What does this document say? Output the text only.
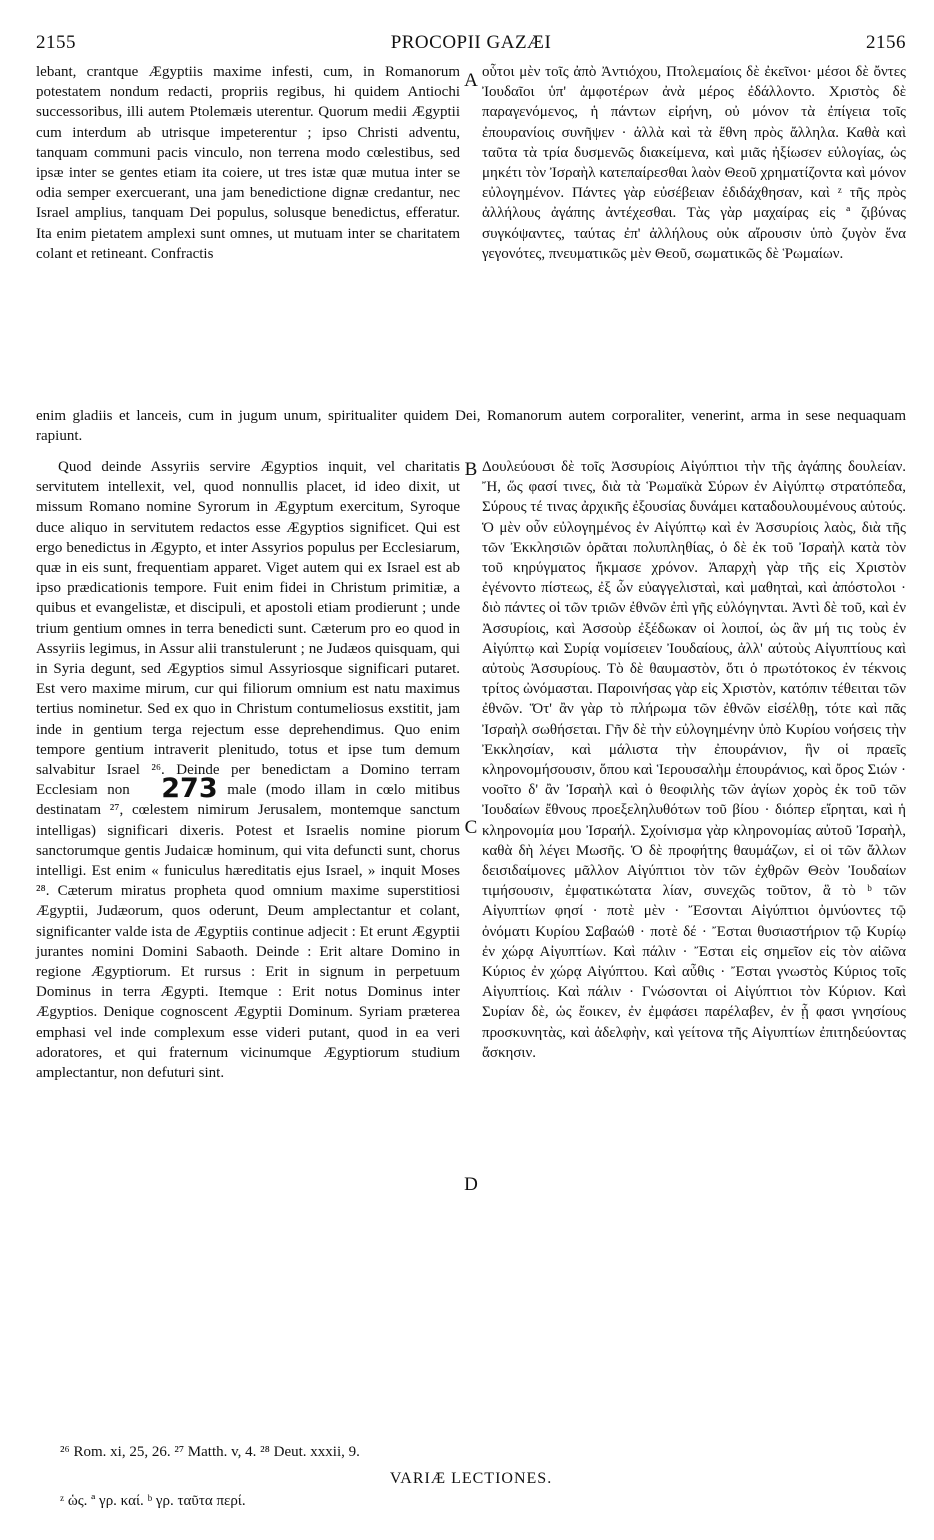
2155	PROCOPII GAZÆI	2156
A
B
C
D

lebant, crantque Ægyptiis maxime infesti, cum, in Romanorum potestatem nondum redacti, propriis regibus, hi quidem Antiochi successoribus, illi autem Ptolemæis uterentur. Quorum medii Ægyptii cum interdum ab utrisque impeterentur ; ipso Christi adventu, tanquam communi pacis vinculo, non terrena modo cœlestibus, sed ipsæ inter se gentes etiam ita coiere, ut tres istæ quæ mutua inter se odia semper exercuerant, una jam benedictione dignæ credantur, nec Israel amplius, tanquam Dei populus, solusque benedictus, efferatur. Ita enim pietatem amplexi sunt omnes, ut mutuam inter se charitatem colant et retineant. Confractis

οὗτοι μὲν τοῖς ἀπὸ Ἀντιόχου, Πτολεμαίοις δὲ ἐκεῖνοι· μέσοι δὲ ὄντες Ἰουδαῖοι ὑπ' ἀμφοτέρων ἀνὰ μέρος ἐδάλλοντο. Χριστὸς δὲ παραγενόμενος, ἡ πάντων εἰρήνη, οὐ μόνον τὰ ἐπίγεια τοῖς ἐπουρανίοις συνῆψεν · ἀλλὰ καὶ τὰ ἔθνη πρὸς ἄλληλα. Καθὰ καὶ ταῦτα τὰ τρία δυσμενῶς διακείμενα, καὶ μιᾶς ἠξίωσεν εὐλογίας, ὡς μηκέτι τὸν Ἰσραὴλ κατεπαίρεσθαι λαὸν Θεοῦ χρηματίζοντα καὶ μόνον εὐλογημένον. Πάντες γὰρ εὐσέβειαν ἐδιδάχθησαν, καὶ ᶻ τῆς πρὸς ἀλλήλους ἀγάπης ἀντέχεσθαι. Τὰς γὰρ μαχαίρας εἰς ª ζιβύνας συγκόψαντες, ταύτας ἐπ' ἀλλήλους οὐκ αἴρουσιν ὑπὸ ζυγὸν ἕνα γεγονότες, πνευματικῶς μὲν Θεοῦ, σωματικῶς δὲ Ῥωμαίων.

enim gladiis et lanceis, cum in jugum unum, spiritualiter quidem Dei, Romanorum autem corporaliter, venerint, arma in sese nequaquam rapiunt.

Quod deinde Assyriis servire Ægyptios inquit, vel charitatis servitutem intellexit, vel, quod nonnullis placet, id ideo dixit, ut missum Romano nomine Syrorum in Ægyptum exercitum, Syroque duce aliquo in servitutem redactos esse Ægyptios significet. Qui est ergo benedictus in Ægypto, et inter Assyrios populus per Ecclesiarum, quæ in eis sunt, frequentiam apparet. Viget autem qui ex Israel est ab ipso prædicationis tempore. Fuit enim fidei in Christum primitiæ, a quibus et evangelistæ, et discipuli, et apostoli etiam prodierunt ; unde trium gentium omnes in terra benedicti sunt. Cæterum pro eo quod in Assyriis legimus, in Assur alii transtulerunt ; ne Judæos quisquam, qui in Syria degunt, sed Ægyptios simul Assyriosque significari putaret. Est vero maxime mirum, cur qui filiorum omnium est natu maximus tertius nominetur. Sed ex quo in Christum contumeliosus exstitit, jam inde in gentium terga rejectum esse deprehendimus. Quo enim tempore gentium intraverit plenitudo, totus et ipse tum demum salvabitur Israel ²⁶. Deinde per benedictam a Domino terram Ecclesiam non 273 male (modo illam in cœlo mitibus destinatam ²⁷, cœlestem nimirum Jerusalem, montemque sanctum intelligas) significari dixeris. Potest et Israelis nomine piorum sanctorumque gentis Judaicæ hominum, qui vita defuncti sunt, chorus intelligi. Est enim « funiculus hæreditatis ejus Israel, » inquit Moses ²⁸. Cæterum miratus propheta quod omnium maxime superstitiosi Ægyptii, Judæorum, quos oderunt, Deum amplectantur et colant, significanter valde ista de Ægyptiis continue adjecit : Et erunt Ægyptii jurantes nomini Domini Sabaoth. Deinde : Erit altare Domino in regione Ægyptiorum. Et rursus : Erit in signum in perpetuum Dominus in terra Ægypti. Itemque : Erit notus Dominus inter Ægyptios. Denique cognoscent Ægyptii Dominum. Syriam præterea emphasi vel inde complexum esse videri putant, quod in ea veri adoratores, et qui fraternum vicinumque Ægyptiorum studium amplectantur, non defuturi sint.

Δουλεύουσι δὲ τοῖς Ἀσσυρίοις Αἰγύπτιοι τὴν τῆς ἀγάπης δουλείαν. Ἤ, ὥς φασί τινες, διὰ τὰ Ῥωμαϊκὰ Σύρων ἐν Αἰγύπτῳ στρατόπεδα, Σύρους τέ τινας ἀρχικῆς ἐξουσίας δυνάμει καταδουλουμένους αὐτούς. Ὁ μὲν οὖν εὐλογημένος ἐν Αἰγύπτῳ καὶ ἐν Ἀσσυρίοις λαὸς, διὰ τῆς τῶν Ἐκκλησιῶν ὁρᾶται πολυπληθίας, ὁ δὲ ἐκ τοῦ Ἰσραὴλ κατὰ τὸν τοῦ κηρύγματος ἤκμασε χρόνον. Ἀπαρχὴ γὰρ τῆς εἰς Χριστὸν ἐγένοντο πίστεως, ἐξ ὧν εὐαγγελισταὶ, καὶ μαθηταὶ, καὶ ἀπόστολοι · διὸ πάντες οἱ τῶν τριῶν ἐθνῶν ἐπὶ γῆς εὐλόγηνται. Ἀντὶ δὲ τοῦ, καὶ ἐν Ἀσσυρίοις, καὶ Ἀσσοὺρ ἐξέδωκαν οἱ λοιποί, ὡς ἂν μή τις τοὺς ἐν Αἰγύπτῳ καὶ Συρίᾳ νομίσειεν Ἰουδαίους, ἀλλ' αὐτοὺς Αἰγυπτίους καὶ αὐτοὺς Ἀσσυρίους. Τὸ δὲ θαυμαστὸν, ὅτι ὁ πρωτότοκος ἐν τέκνοις τρίτος ὠνόμασται. Παροινήσας γὰρ εἰς Χριστὸν, κατόπιν τέθειται τῶν ἐθνῶν. Ὅτ' ἂν γὰρ τὸ πλήρωμα τῶν ἐθνῶν εἰσέλθῃ, τότε καὶ πᾶς Ἰσραὴλ σωθήσεται. Γῆν δὲ τὴν εὐλογημένην ὑπὸ Κυρίου νοήσεις τὴν Ἐκκλησίαν, καὶ μάλιστα τὴν ἐπουράνιον, ἣν οἱ πραεῖς κληρονομήσουσιν, ὅπου καὶ Ἱερουσαλὴμ ἐπουράνιος, καὶ ὄρος Σιών · νοοῖτο δ' ἂν Ἰσραὴλ καὶ ὁ θεοφιλὴς τῶν ἁγίων χορὸς ἐκ τοῦ τῶν Ἰουδαίων ἔθνους προεξεληλυθότων τοῦ βίου · διόπερ εἴρηται, καὶ ἡ κληρονομία μου Ἰσραήλ. Σχοίνισμα γὰρ κληρονομίας αὐτοῦ Ἰσραὴλ, καθὰ δὴ λέγει Μωσῆς. Ὁ δὲ προφήτης θαυμάζων, εἰ οἱ τῶν ἄλλων δεισιδαίμονες μᾶλλον Αἰγύπτιοι τὸν τῶν ἐχθρῶν Θεὸν Ἰουδαίων τιμήσουσιν, ἐμφατικώτατα λίαν, συνεχῶς τοῦτον, ἃ τὸ ᵇ τῶν Αἰγυπτίων φησί · ποτὲ μὲν · Ἔσονται Αἰγύπτιοι ὀμνύοντες τῷ ὀνόματι Κυρίου Σαβαώθ · ποτὲ δέ · Ἔσται θυσιαστήριον τῷ Κυρίῳ ἐν χώρᾳ Αἰγυπτίων. Καὶ πάλιν · Ἔσται εἰς σημεῖον εἰς τὸν αἰῶνα Κύριος ἐν χώρᾳ Αἰγύπτου. Καὶ αὖθις · Ἔσται γνωστὸς Κύριος τοῖς Αἰγυπτίοις. Καὶ πάλιν · Γνώσονται οἱ Αἰγύπτιοι τὸν Κύριον. Καὶ Συρίαν δὲ, ὡς ἔοικεν, ἐν ἐμφάσει παρέλαβεν, ἐν ᾗ φασι γνησίους προσκυνητὰς, καὶ ἀδελφὴν, καὶ γείτονα τῆς Αἰγυπτίων ἐπιτηδεύοντας ἄσκησιν.

²⁶ Rom. xi, 25, 26. ²⁷ Matth. v, 4. ²⁸ Deut. xxxii, 9.
VARIÆ LECTIONES.
ᶻ ὡς. ª γρ. καί. ᵇ γρ. ταῦτα περί.
